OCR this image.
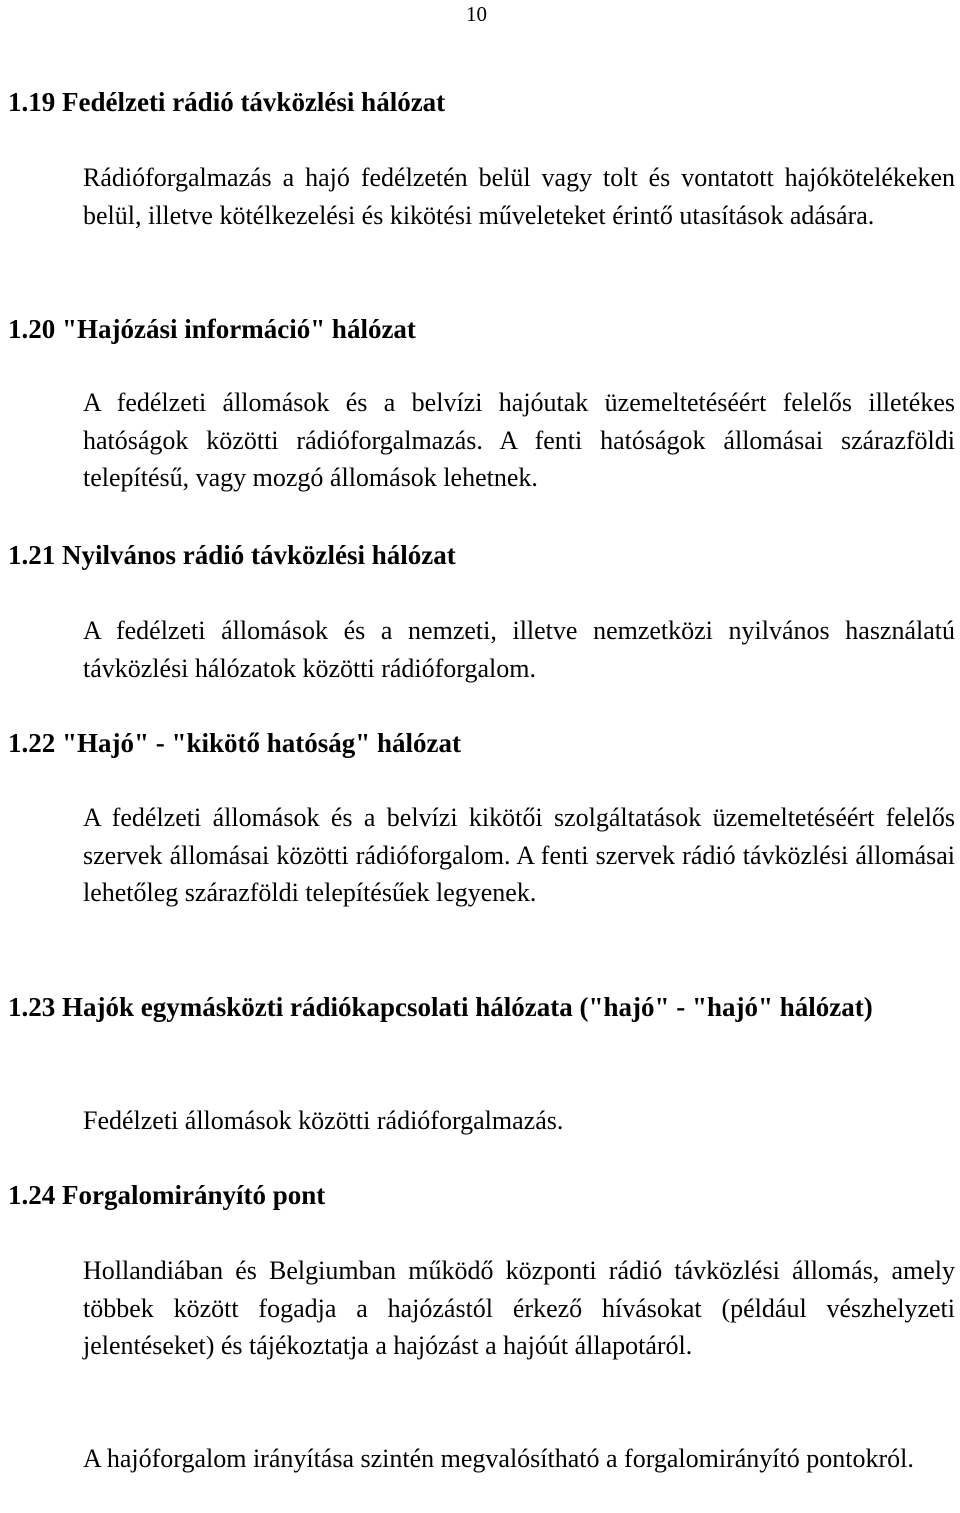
10
1.19 Fedélzeti rádió távközlési hálózat

Rádióforgalmazás a hajó fedélzetén belül vagy tolt és vontatott hajókötelékeken belül, illetve kötélkezelési és kikötési műveleteket érintő utasítások adására.

1.20 "Hajózási információ" hálózat

A fedélzeti állomások és a belvízi hajóutak üzemeltetéséért felelős illetékes hatóságok közötti rádióforgalmazás. A fenti hatóságok állomásai szárazföldi telepítésű, vagy mozgó állomások lehetnek.

1.21 Nyilvános rádió távközlési hálózat

A fedélzeti állomások és a nemzeti, illetve nemzetközi nyilvános használatú távközlési hálózatok közötti rádióforgalom.

1.22 "Hajó" - "kikötő hatóság" hálózat

A fedélzeti állomások és a belvízi kikötői szolgáltatások üzemeltetéséért felelős szervek állomásai közötti rádióforgalom. A fenti szervek rádió távközlési állomásai lehetőleg szárazföldi telepítésűek legyenek.

1.23 Hajók egymásközti rádiókapcsolati hálózata ("hajó" - "hajó" hálózat)

Fedélzeti állomások közötti rádióforgalmazás.

1.24 Forgalomirányító pont

Hollandiában és Belgiumban működő központi rádió távközlési állomás, amely többek között fogadja a hajózástól érkező hívásokat (például vészhelyzeti jelentéseket) és tájékoztatja a hajózást a hajóút állapotáról.

A hajóforgalom irányítása szintén megvalósítható a forgalomirányító pontokról.
